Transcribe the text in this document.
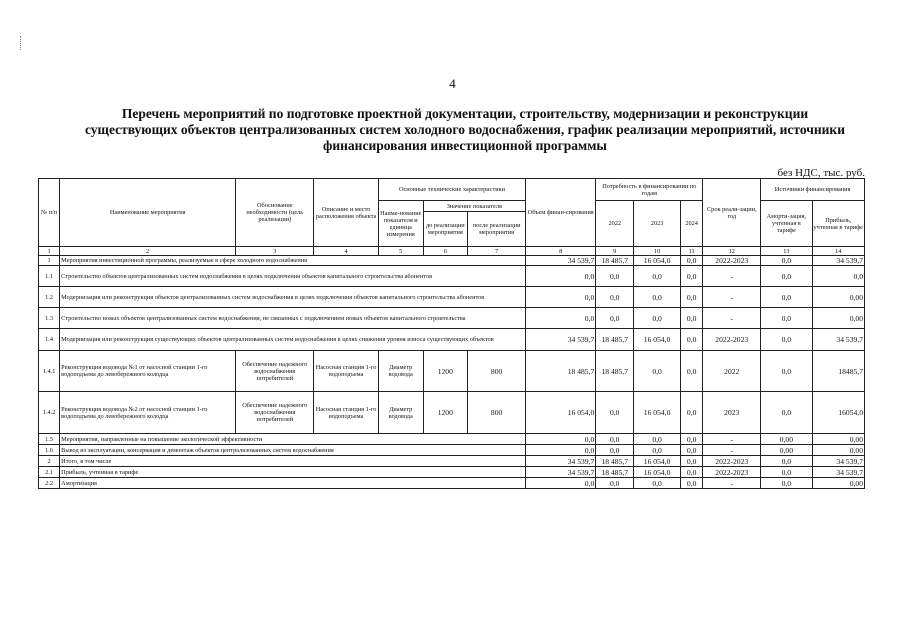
4
Перечень мероприятий по подготовке проектной документации, строительству, модернизации и реконструкции существующих объектов централизованных систем холодного водоснабжения, график реализации мероприятий, источники финансирования инвестиционной программы
без НДС, тыс. руб.
№ п/п	Наименование мероприятия	Обоснование необходимости (цель реализации)	Описание и место расположения объекта	Основные технические характеристики			Объем финан-сирования	Потребность в финансировании по годам			Срок реали-зации, год	Источники финансирования	
				Наиме-нование показателя и единица измерения	Значение показателя			2022	2023	2024		Аморти-зация, учтенная в тарифе	Прибыль, учтенная в тарифе
					до реализации мероприятия	после реализации мероприятия							
1	2	3	4	5	6	7	8	9	10	11	12	13	14
1	Мероприятия инвестиционной программы, реализуемые в сфере холодного водоснабжения						34 539,7	18 485,7	16 054,0	0,0	2022-2023	0,0	34 539,7
1.1	Строительство объектов централизованных систем водоснабжения в целях подключения объектов капитального строительства абонентов						0,0	0,0	0,0	0,0	-	0,0	0,0
1.2	Модернизация или реконструкция объектов централизованных систем водоснабжения в целях подключения объектов капитального строительства абонентов						0,0	0,0	0,0	0,0	-	0,0	0,00
1.3	Строительство новых объектов централизованных систем водоснабжения, не связанных с подключением новых объектов капитального строительства						0,0	0,0	0,0	0,0	-	0,0	0,00
1.4	Модернизация или реконструкция существующих объектов централизованных систем водоснабжения в целях снижения уровня износа существующих объектов						34 539,7	18 485,7	16 054,0	0,0	2022-2023	0,0	34 539,7
1.4.1	Реконструкция водовода №1 от насосной станции 1-го водоподъема до левобережного колодца	Обеспечение надежного водоснабжения потребителей	Насосная станция 1-го водоподъема	Диаметр водовода	1200	800	18 485,7	18 485,7	0,0	0,0	2022	0,0	18485,7
1.4.2	Реконструкция водовода №2 от насосной станции 1-го водоподъема до левобережного колодца	Обеспечение надежного водоснабжения потребителей	Насосная станция 1-го водоподъема	Диаметр водовода	1200	800	16 054,0	0,0	16 054,0	0,0	2023	0,0	16054,0
1.5	Мероприятия, направленные на повышение экологической эффективности						0,0	0,0	0,0	0,0	-	0,00	0,00
1.6	Вывод из эксплуатации, консервация и демонтаж объектов централизованных систем водоснабжения						0,0	0,0	0,0	0,0	-	0,00	0,00
2	Итого, в том числе						34 539,7	18 485,7	16 054,0	0,0	2022-2023	0,0	34 539,7
2.1	Прибыль, учтенная в тарифе						34 539,7	18 485,7	16 054,0	0,0	2022-2023	0,0	34 539,7
2.2	Амортизация						0,0	0,0	0,0	0,0	-	0,0	0,00
